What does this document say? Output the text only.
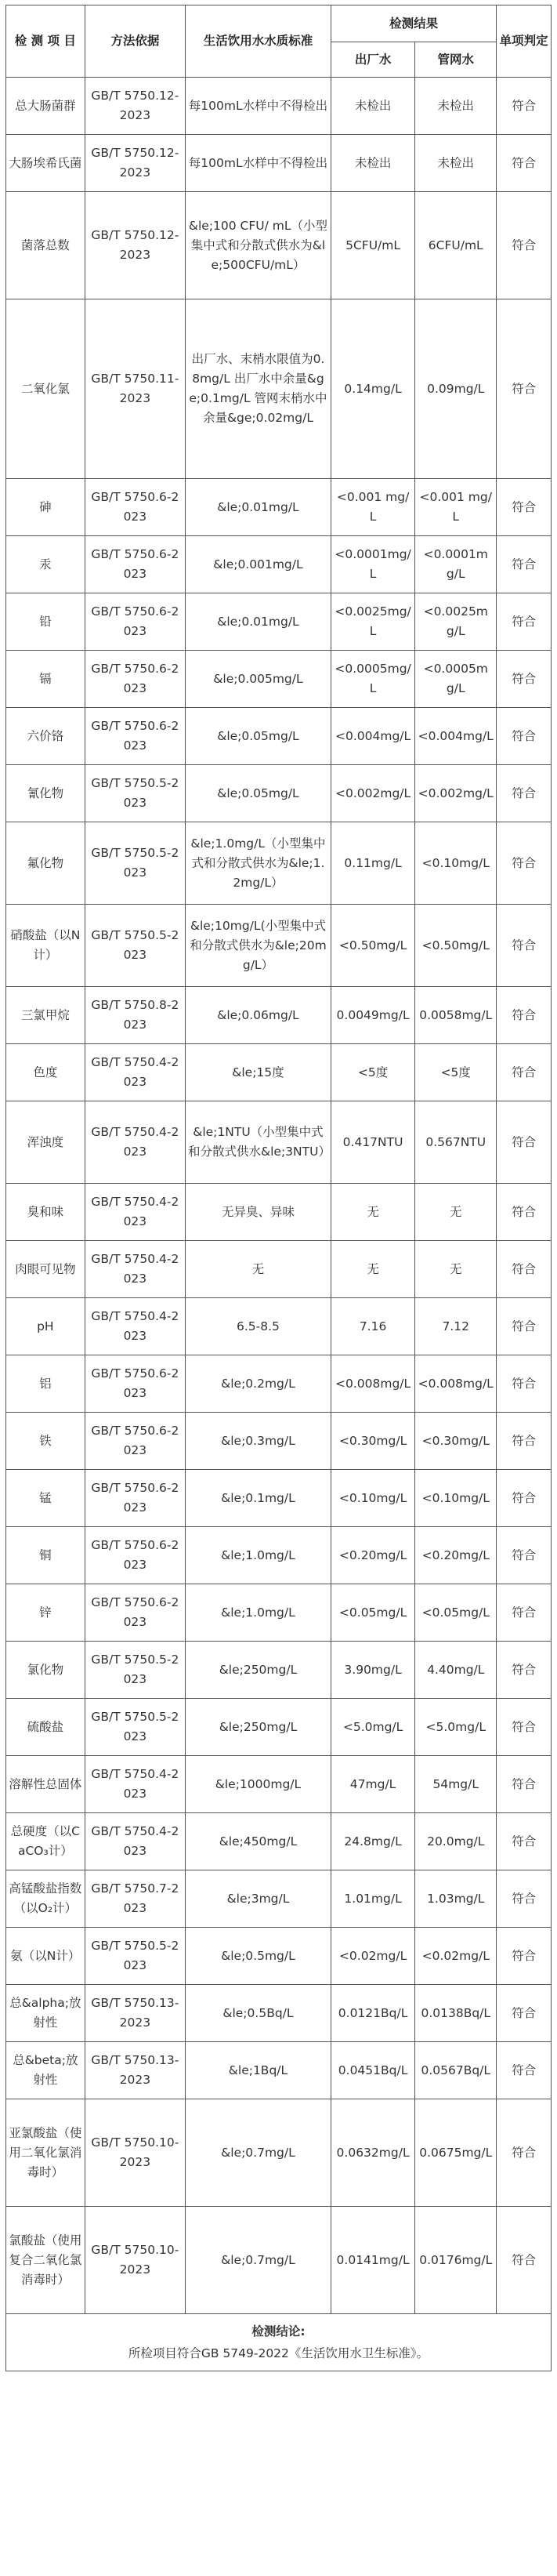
检 测 项 目	方法依据	生活饮用水水质标准	检测结果		单项判定
			出厂水	管网水	
总大肠菌群	GB/T 5750.12-2023	每100mL水样中不得检出	未检出	未检出	符合
大肠埃希氏菌	GB/T 5750.12-2023	每100mL水样中不得检出	未检出	未检出	符合
菌落总数	GB/T 5750.12-2023	&le;100 CFU/ mL（小型集中式和分散式供水为&le;500CFU/mL）	5CFU/mL	6CFU/mL	符合
二氧化氯	GB/T 5750.11-2023	出厂水、末梢水限值为0.8mg/L 出厂水中余量&ge;0.1mg/L 管网末梢水中余量&ge;0.02mg/L	0.14mg/L	0.09mg/L	符合
砷	GB/T 5750.6-2023	&le;0.01mg/L	<0.001 mg/L	<0.001 mg/L	符合
汞	GB/T 5750.6-2023	&le;0.001mg/L	<0.0001mg/L	<0.0001mg/L	符合
铅	GB/T 5750.6-2023	&le;0.01mg/L	<0.0025mg/L	<0.0025mg/L	符合
镉	GB/T 5750.6-2023	&le;0.005mg/L	<0.0005mg/L	<0.0005mg/L	符合
六价铬	GB/T 5750.6-2023	&le;0.05mg/L	<0.004mg/L	<0.004mg/L	符合
氰化物	GB/T 5750.5-2023	&le;0.05mg/L	<0.002mg/L	<0.002mg/L	符合
氟化物	GB/T 5750.5-2023	&le;1.0mg/L（小型集中式和分散式供水为&le;1.2mg/L）	0.11mg/L	<0.10mg/L	符合
硝酸盐（以N计）	GB/T 5750.5-2023	&le;10mg/L(小型集中式和分散式供水为&le;20mg/L）	<0.50mg/L	<0.50mg/L	符合
三氯甲烷	GB/T 5750.8-2023	&le;0.06mg/L	0.0049mg/L	0.0058mg/L	符合
色度	GB/T 5750.4-2023	&le;15度	<5度	<5度	符合
浑浊度	GB/T 5750.4-2023	&le;1NTU（小型集中式和分散式供水&le;3NTU）	0.417NTU	0.567NTU	符合
臭和味	GB/T 5750.4-2023	无异臭、异味	无	无	符合
肉眼可见物	GB/T 5750.4-2023	无	无	无	符合
pH	GB/T 5750.4-2023	6.5-8.5	7.16	7.12	符合
铝	GB/T 5750.6-2023	&le;0.2mg/L	<0.008mg/L	<0.008mg/L	符合
铁	GB/T 5750.6-2023	&le;0.3mg/L	<0.30mg/L	<0.30mg/L	符合
锰	GB/T 5750.6-2023	&le;0.1mg/L	<0.10mg/L	<0.10mg/L	符合
铜	GB/T 5750.6-2023	&le;1.0mg/L	<0.20mg/L	<0.20mg/L	符合
锌	GB/T 5750.6-2023	&le;1.0mg/L	<0.05mg/L	<0.05mg/L	符合
氯化物	GB/T 5750.5-2023	&le;250mg/L	3.90mg/L	4.40mg/L	符合
硫酸盐	GB/T 5750.5-2023	&le;250mg/L	<5.0mg/L	<5.0mg/L	符合
溶解性总固体	GB/T 5750.4-2023	&le;1000mg/L	47mg/L	54mg/L	符合
总硬度（以CaCO₃计）	GB/T 5750.4-2023	&le;450mg/L	24.8mg/L	20.0mg/L	符合
高锰酸盐指数（以O₂计）	GB/T 5750.7-2023	&le;3mg/L	1.01mg/L	1.03mg/L	符合
氨（以N计）	GB/T 5750.5-2023	&le;0.5mg/L	<0.02mg/L	<0.02mg/L	符合
总&alpha;放射性	GB/T 5750.13-2023	&le;0.5Bq/L	0.0121Bq/L	0.0138Bq/L	符合
总&beta;放射性	GB/T 5750.13-2023	&le;1Bq/L	0.0451Bq/L	0.0567Bq/L	符合
亚氯酸盐（使用二氧化氯消毒时）	GB/T 5750.10-2023	&le;0.7mg/L	0.0632mg/L	0.0675mg/L	符合
氯酸盐（使用复合二氧化氯消毒时）	GB/T 5750.10-2023	&le;0.7mg/L	0.0141mg/L	0.0176mg/L	符合

检测结论:
所检项目符合GB 5749-2022《生活饮用水卫生标准》。					
